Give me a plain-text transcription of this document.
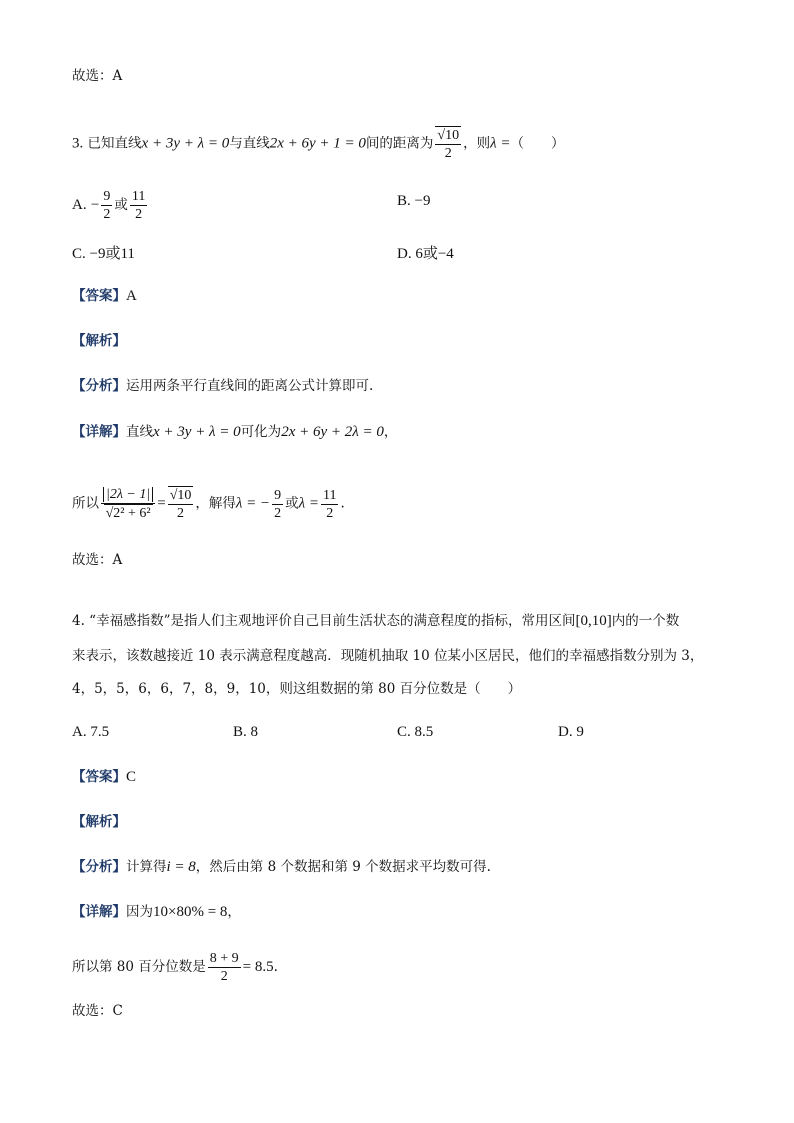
故选：A
3. 已知直线x + 3y + λ = 0与直线2x + 6y + 1 = 0间的距离为 $\frac{√10}{2}$ ，则λ =（　　）
A. − $\frac{9}{2}$ 或 $\frac{11}{2}$	B. −9
C. −9或11	D. 6或−4
【答案】A
【解析】
【分析】运用两条平行直线间的距离公式计算即可.
【详解】直线x + 3y + λ = 0可化为2x + 6y + 2λ = 0，
所以 $\frac{|2\lambda - 1|}{\text{√2² + 6²}} = \frac{√10}{2}$ ，解得λ = − $\frac{9}{2}$ 或$\lambda = \frac{11}{2}$ .
故选：A
4. “幸福感指数”是指人们主观地评价自己目前生活状态的满意程度的指标，常用区间[0,10]内的一个数
来表示，该数越接近 10 表示满意程度越高．现随机抽取 10 位某小区居民，他们的幸福感指数分别为 3，
4，5，5，6，6，7，8，9，10，则这组数据的第 80 百分位数是（　　）
A. 7.5	B. 8	C. 8.5	D. 9
【答案】C
【解析】
【分析】计算得i = 8，然后由第 8 个数据和第 9 个数据求平均数可得.
【详解】因为10×80% = 8，
所以第 80 百分位数是 $\frac{8 + 9}{2} = 8.5$.
故选：C
